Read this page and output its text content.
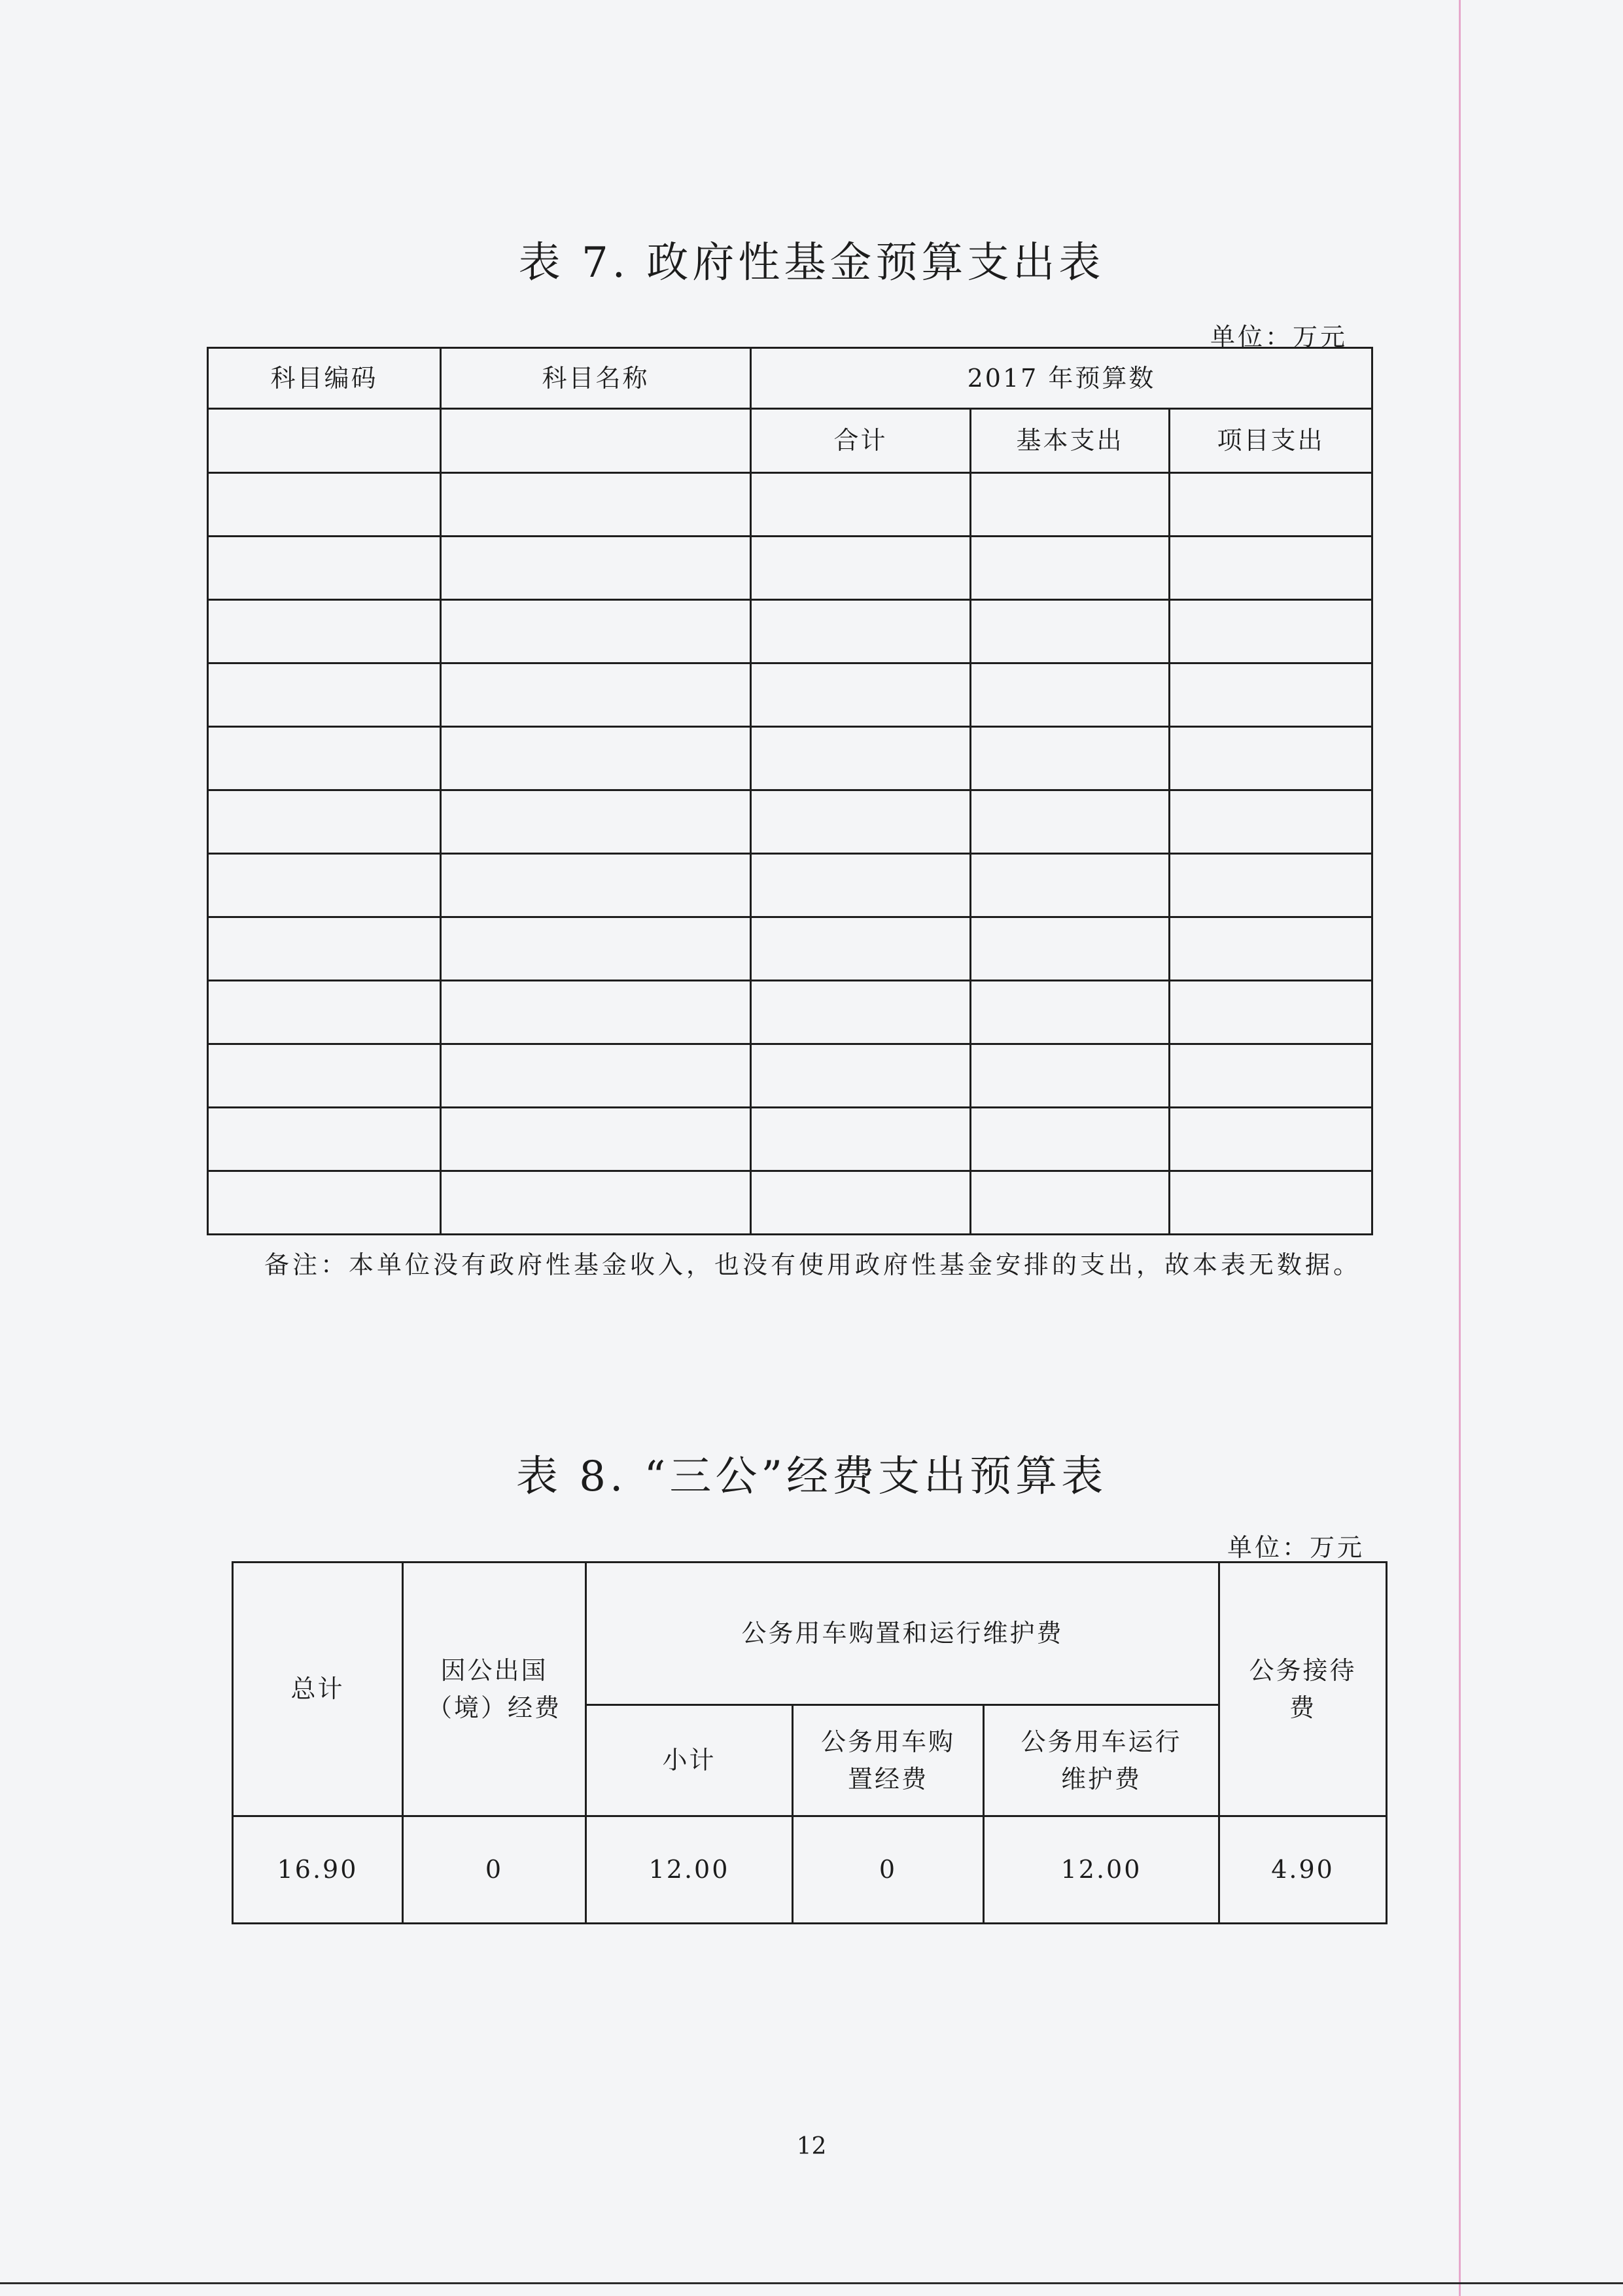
表 7. 政府性基金预算支出表
单位：万元
科目编码	科目名称	2017 年预算数		
		合计	基本支出	项目支出

备注：本单位没有政府性基金收入，也没有使用政府性基金安排的支出，故本表无数据。
表 8. “三公”经费支出预算表
单位：万元
总计	因公出国（境）经费	公务用车购置和运行维护费			公务接待费
		小计	公务用车购置经费	公务用车运行维护费	
16.90	0	12.00	0	12.00	4.90
12
